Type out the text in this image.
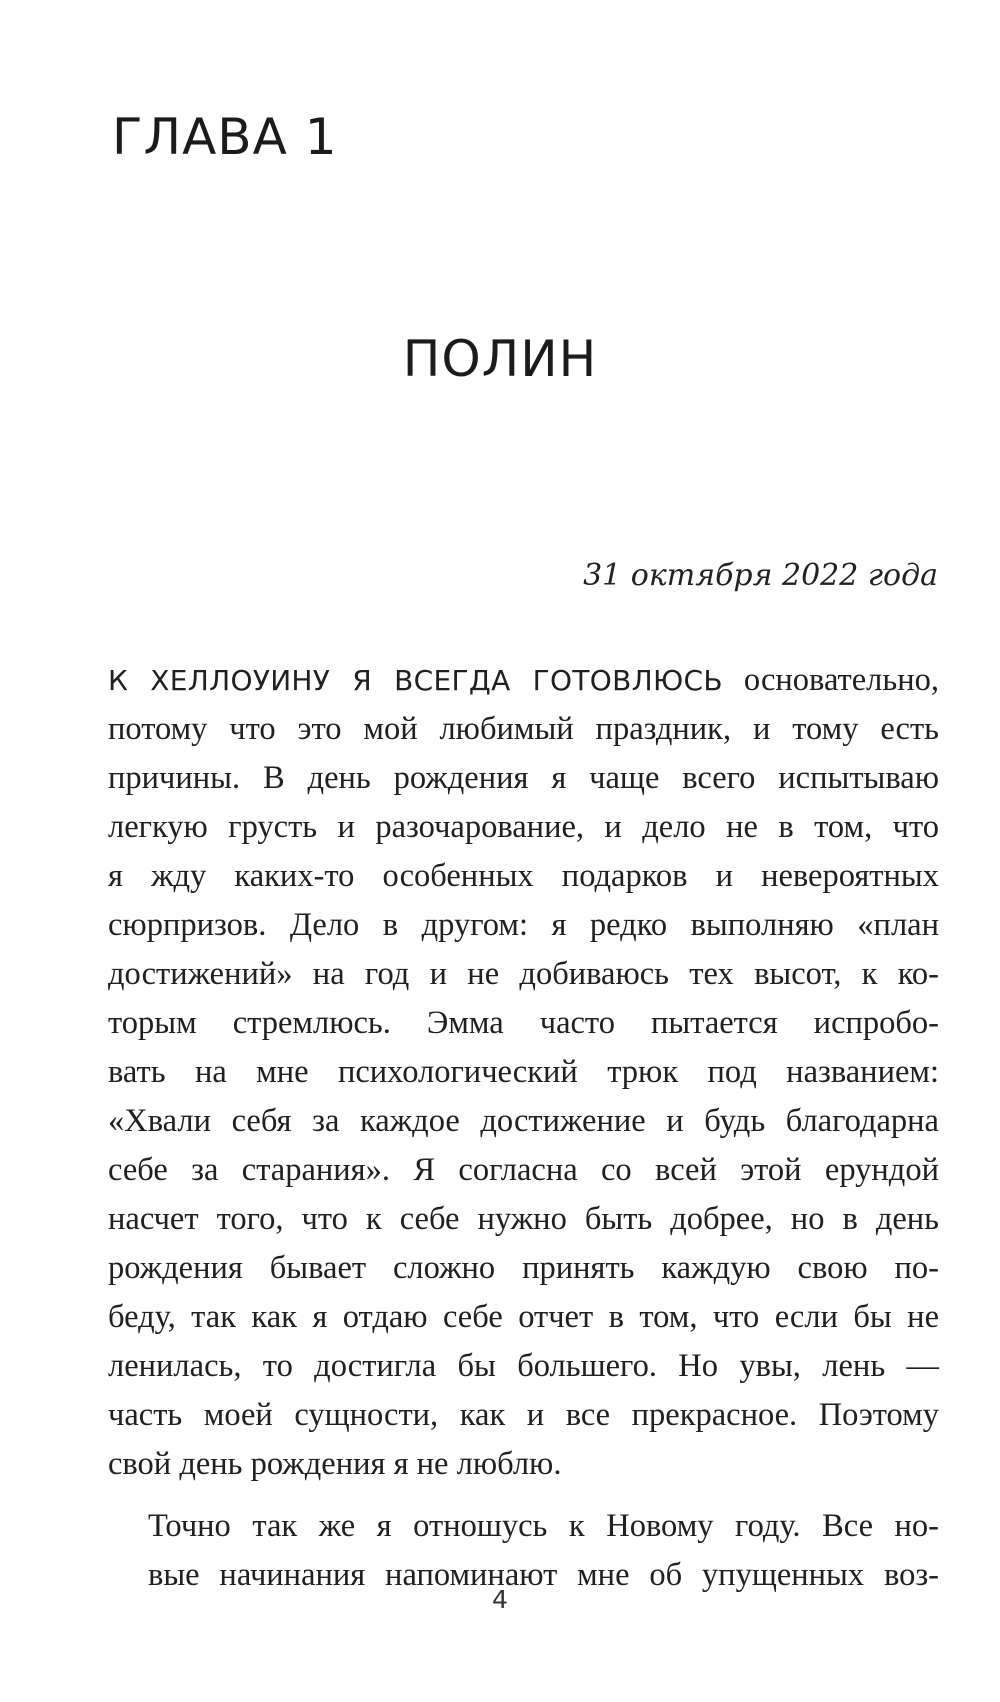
ГЛАВА 1
ПОЛИН
31 октября 2022 года

К ХЕЛЛОУИНУ Я ВСЕГДА ГОТОВЛЮСЬ основательно,
потому что это мой любимый праздник, и тому есть
причины. В день рождения я чаще всего испытываю
легкую грусть и разочарование, и дело не в том, что
я жду каких-то особенных подарков и невероятных
сюрпризов. Дело в другом: я редко выполняю «план
достижений» на год и не добиваюсь тех высот, к ко-
торым стремлюсь. Эмма часто пытается испробо-
вать на мне психологический трюк под названием:
«Хвали себя за каждое достижение и будь благодарна
себе за старания». Я согласна со всей этой ерундой
насчет того, что к себе нужно быть добрее, но в день
рождения бывает сложно принять каждую свою по-
беду, так как я отдаю себе отчет в том, что если бы не
ленилась, то достигла бы большего. Но увы, лень —
часть моей сущности, как и все прекрасное. Поэтому
свой день рождения я не люблю.

Точно так же я отношусь к Новому году. Все но-
вые начинания напоминают мне об упущенных воз-

4
